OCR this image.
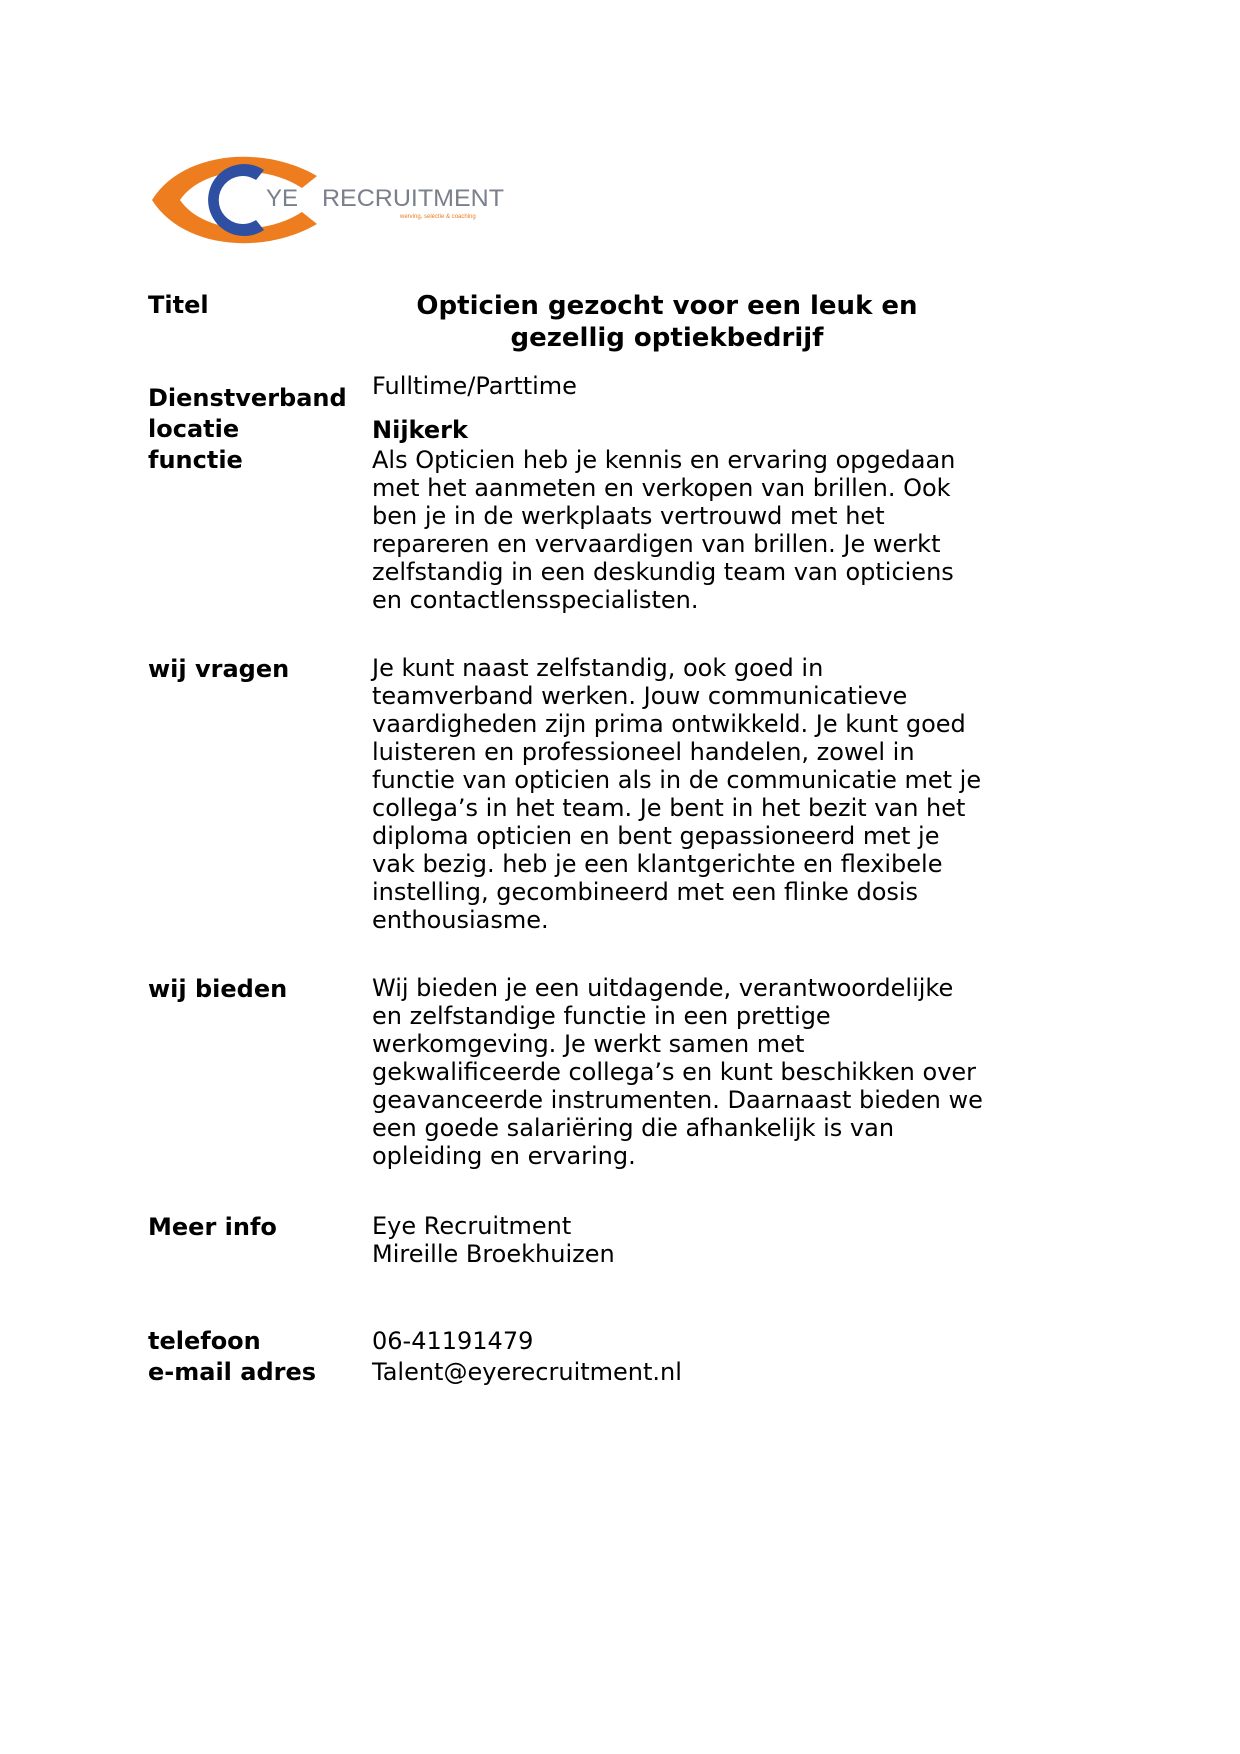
YE RECRUITMENT
werving, selectie & coaching
Titel	Opticien gezocht voor een leuk en
gezellig optiekbedrijf
Dienstverband Fulltime/Parttime
locatie	Nijkerk
functie	Als Opticien heb je kennis en ervaring opgedaan
met het aanmeten en verkopen van brillen. Ook
ben je in de werkplaats vertrouwd met het
repareren en vervaardigen van brillen. Je werkt
zelfstandig in een deskundig team van opticiens
en contactlensspecialisten.
wij vragen	Je kunt naast zelfstandig, ook goed in
teamverband werken. Jouw communicatieve
vaardigheden zijn prima ontwikkeld. Je kunt goed
luisteren en professioneel handelen, zowel in
functie van opticien als in de communicatie met je
collega’s in het team. Je bent in het bezit van het
diploma opticien en bent gepassioneerd met je
vak bezig. heb je een klantgerichte en flexibele
instelling, gecombineerd met een flinke dosis
enthousiasme.
wij bieden	Wij bieden je een uitdagende, verantwoordelijke
en zelfstandige functie in een prettige
werkomgeving. Je werkt samen met
gekwalificeerde collega’s en kunt beschikken over
geavanceerde instrumenten. Daarnaast bieden we
een goede salariëring die afhankelijk is van
opleiding en ervaring.
Meer info	Eye Recruitment
Mireille Broekhuizen
telefoon	06-41191479
e-mail adres Talent@eyerecruitment.nl
